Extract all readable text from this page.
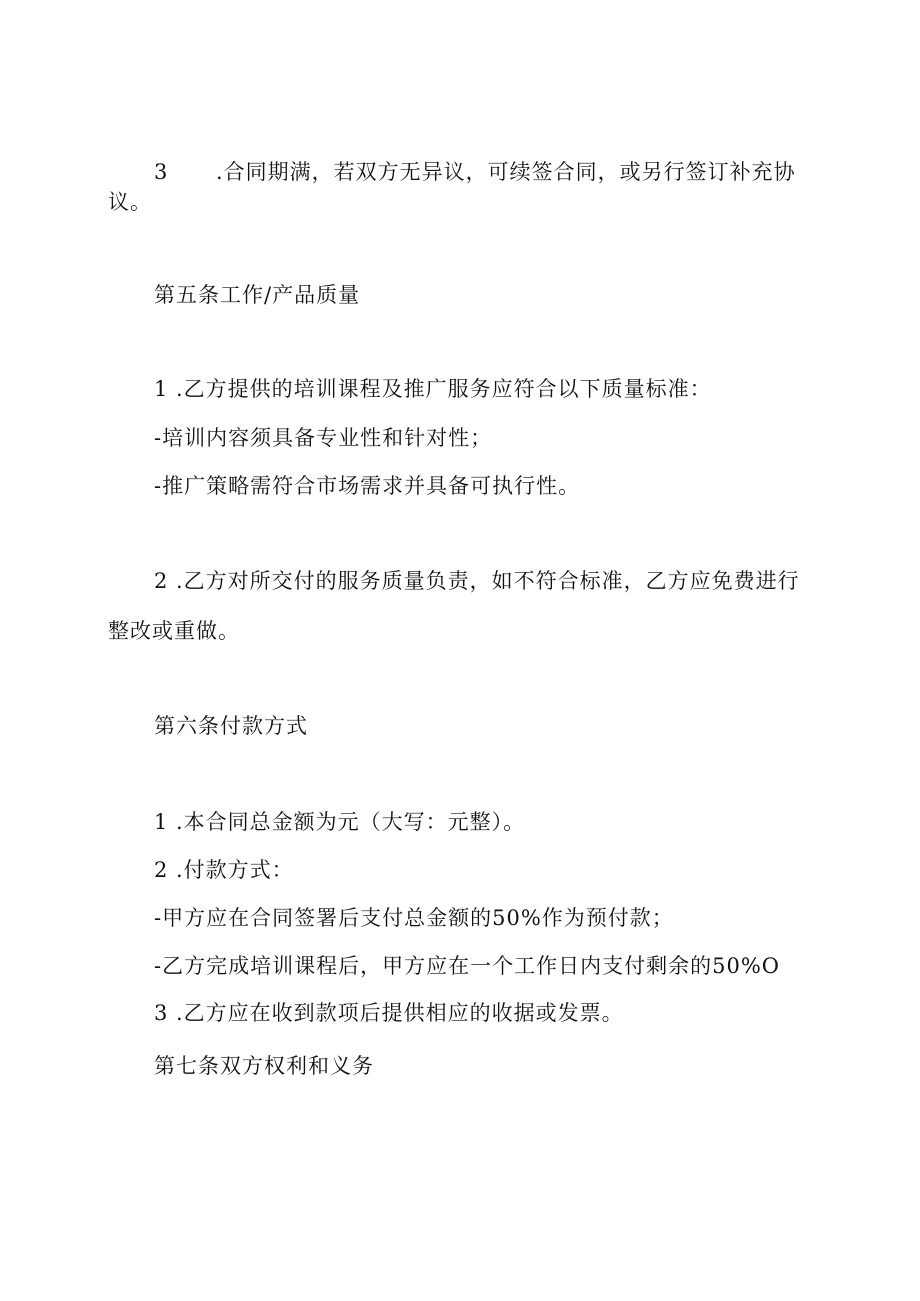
3 .合同期满，若双方无异议，可续签合同，或另行签订补充协
议。
第五条工作/产品质量
1 .乙方提供的培训课程及推广服务应符合以下质量标准：
-培训内容须具备专业性和针对性；
-推广策略需符合市场需求并具备可执行性。
2 .乙方对所交付的服务质量负责，如不符合标准，乙方应免费进行
整改或重做。
第六条付款方式
1 .本合同总金额为元（大写：元整）。
2 .付款方式：
-甲方应在合同签署后支付总金额的50%作为预付款；
-乙方完成培训课程后，甲方应在一个工作日内支付剩余的50%O
3 .乙方应在收到款项后提供相应的收据或发票。
第七条双方权利和义务
